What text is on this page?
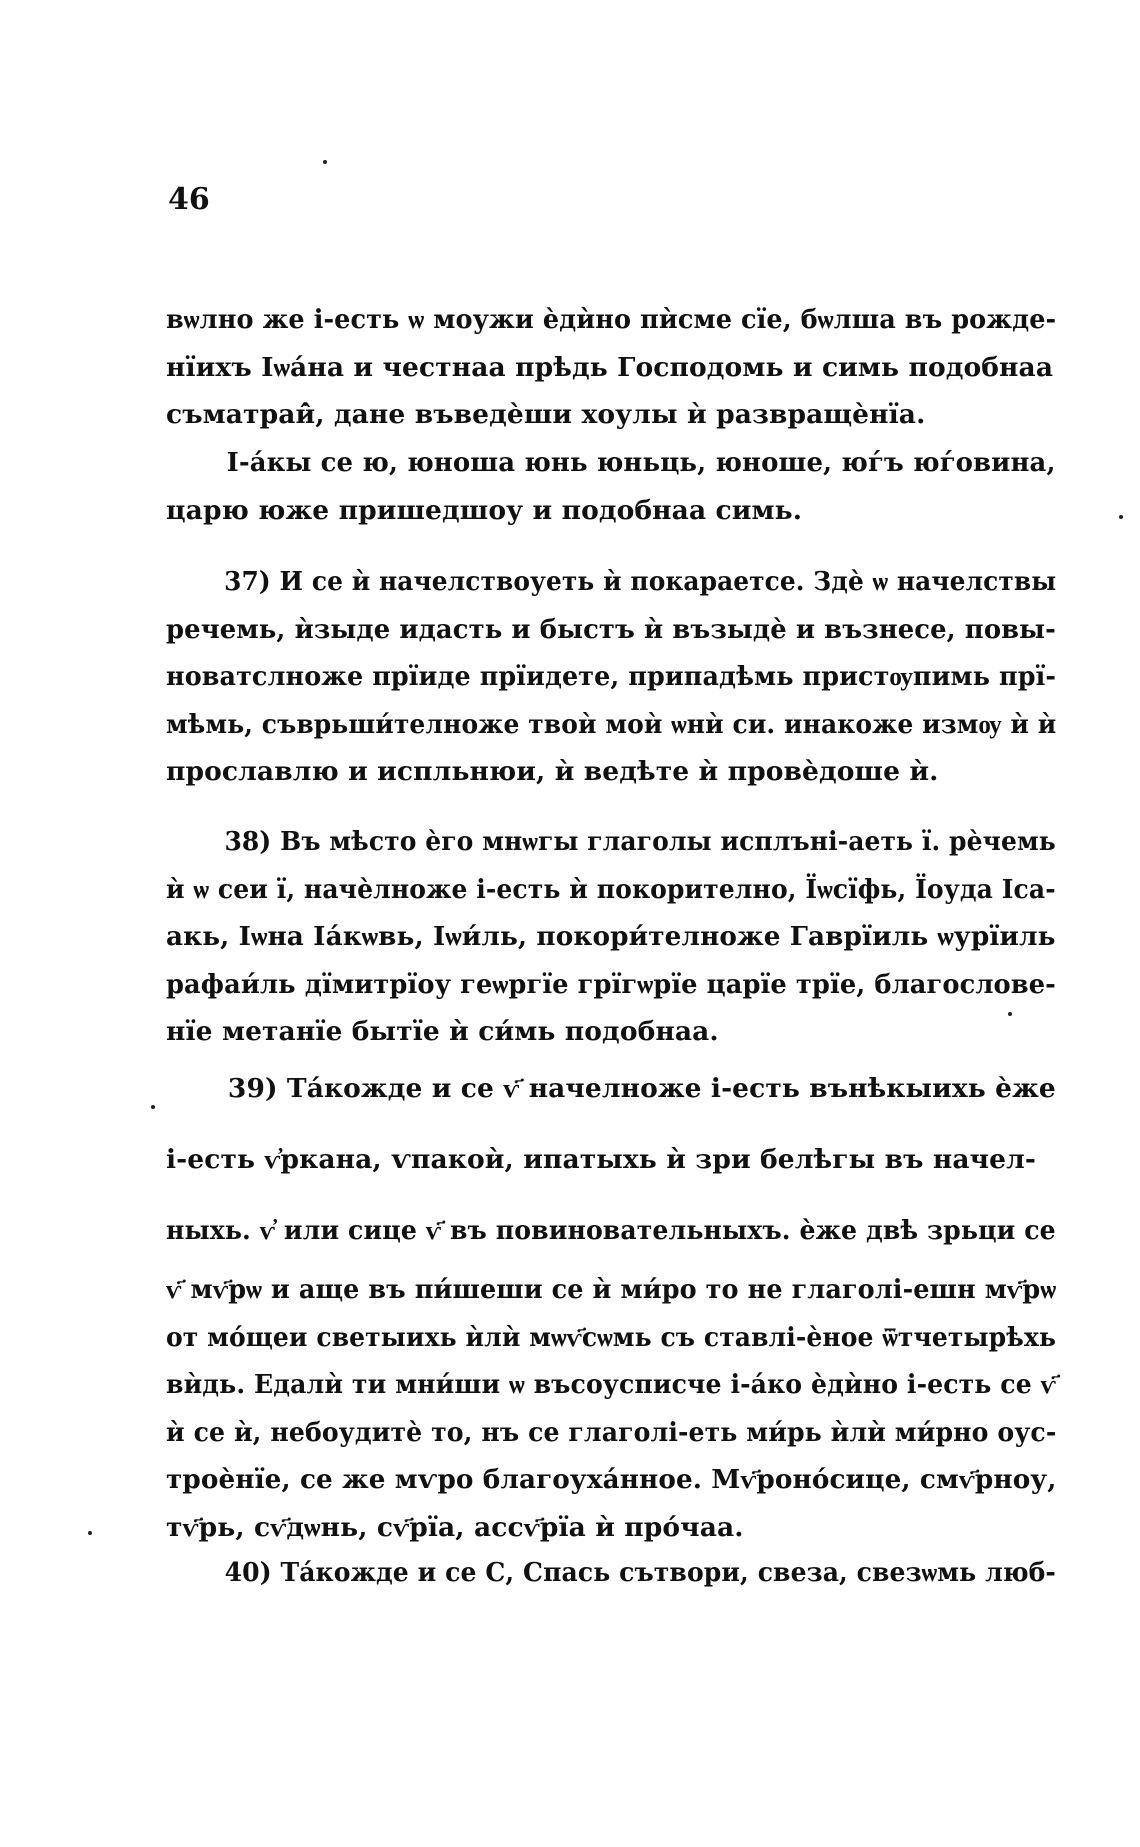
46

вѡлно же і-есть ѡ моужи ѐдѝно пѝсме сїе, бѡлша въ рожде-
нїихъ Іѡа́на и честнаа прѣдь Господомь и симь подобнаа
съматраи̇̂, дане въведѐши хоулы ѝ развращѐнїа.

І-а́кы се ю, юноша юнь юньць, юноше, юѓъ юѓовина,
царю юже пришедшоу и подобнаа симь.

37) И се ѝ начелствоуеть ѝ покараетсе. Здѐ ѡ начелствы
речемь, ѝзыде идасть и быстъ ѝ възыдѐ и възнесе, повы-
новатслноже прїиде прїидете, припадѣмь пристѹпимь прї-
мѣмь, съврьши́телноже твоѝ моѝ ѡнѝ си. инакоже измѹ ѝ ѝ
прославлю и испльнюи, ѝ ведѣте ѝ провѐдоше ѝ.

38) Въ мѣсто ѐго мнѡгы глаголы исплъні-аеть ї. рѐчемь
ѝ ѡ сеи ї, начѐлноже і-есть ѝ покорително, Їѡсїфь, Їоуда Ісa-
акь, Іѡна Іа́кѡвь, Іѡи́ль, покори́телноже Гаврїиль ѡурїиль
рафаи́ль дїмитрїоу геѡргїе грїгѡрїе царїе трїе, благослове-
нїе метанїе бытїе ѝ си́мь подобнаа.

39) Та́кожде и се ѵ҃ начелноже і-есть вънѣкыихь ѐже
і-есть ѵ҆ркана, ѵпакоѝ, ипатыхь ѝ зри белѣгы въ начел-
ныхь. ѵ҆ или сице ѵ҃ въ повиновательныхъ. ѐже двѣ зрьци се
ѵ҃ мѵ҃рѡ и аще въ пи́шеши се ѝ ми́ро то не глаголі-ешн мѵ҃рѡ
от мо́щеи светыихь ѝлѝ мѡѵ҃сѡмь съ ставлі-ѐное ѿтчетырѣхь
вѝдь. Едалѝ ти мни́ши ѡ въсоусписче і-а́ко ѐдѝно і-есть се ѵ҃
ѝ се ѝ, небоудитѐ то, нъ се глаголі-еть ми́рь ѝлѝ ми́рно оус-
троѐнїе, се же мѵро благоуха́нное. Мѵ҃роно́сице, смѵ҃рноу,
тѵ҃рь, сѵ҃дѡнь, сѵ҃рїа, ассѵ҃рїа ѝ про́чаа.

40) Та́кожде и се С, Спась сътвори, свеза, свезѡмь люб-
